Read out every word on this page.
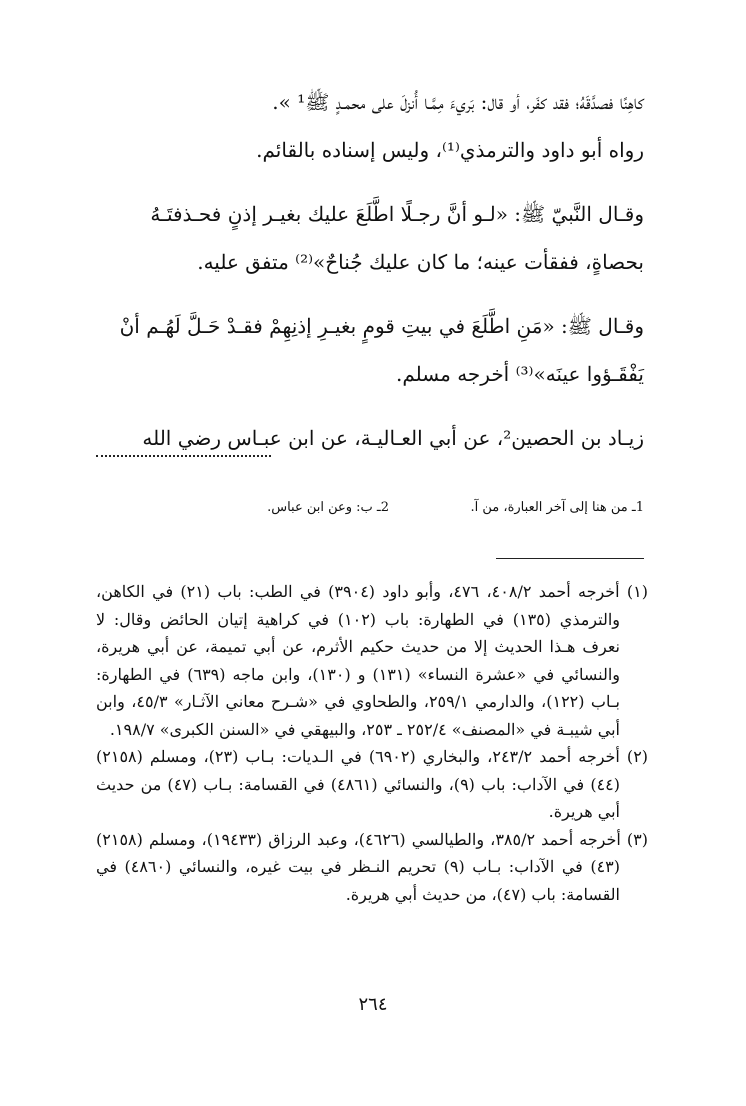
كاهِنًا فصدَّقَهُ؛ فقد كفَر، أو قال: بَريءَ مِمَّـا أُنزلَ على محمـدٍ ﷺ¹ ».

رواه أبو داود والترمذي⁽¹⁾، وليس إسناده بالقائم.

وقـال النَّبيّ ﷺ: «لـو أنَّ رجـلًا اطَّلَعَ عليك بغيـر إذنٍ فحـذفتَـهُ

بحصاةٍ، ففقأت عينه؛ ما كان عليك جُناحٌ»⁽²⁾ متفق عليه.

وقـال ﷺ: «مَنِ اطَّلَعَ في بيتِ قومٍ بغيـرِ إذنِهِمْ فقـدْ حَـلَّ لَهُـم أنْ

يَفْقَـؤوا عينَه»⁽³⁾ أخرجه مسلم.

زيـاد بن الحصين²، عن أبي العـاليـة، عن ابن عبـاس رضي الله

1ـ من هنا إلى آخر العبارة، من آ.
2ـ ب: وعن ابن عباس.

(١) أخرجه أحمد ٤٠٨/٢، ٤٧٦، وأبو داود (٣٩٠٤) في الطب: باب (٢١) في الكاهن، والترمذي (١٣٥) في الطهارة: باب (١٠٢) في كراهية إتيان الحائض وقال: لا نعرف هـذا الحديث إلا من حديث حكيم الأثرم، عن أبي تميمة، عن أبي هريرة، والنسائي في «عشرة النساء» (١٣١) و (١٣٠)، وابن ماجه (٦٣٩) في الطهارة: بـاب (١٢٢)، والدارمي ٢٥٩/١، والطحاوي في «شـرح معاني الآثـار» ٤٥/٣، وابن أبي شيبـة في «المصنف» ٢٥٢/٤ ـ ٢٥٣، والبيهقي في «السنن الكبرى» ١٩٨/٧.

(٢) أخرجه أحمد ٢٤٣/٢، والبخاري (٦٩٠٢) في الـديات: بـاب (٢٣)، ومسلم (٢١٥٨) (٤٤) في الآداب: باب (٩)، والنسائي (٤٨٦١) في القسامة: بـاب (٤٧) من حديث أبي هريرة.

(٣) أخرجه أحمد ٣٨٥/٢، والطيالسي (٤٦٢٦)، وعبد الرزاق (١٩٤٣٣)، ومسلم (٢١٥٨) (٤٣) في الآداب: بـاب (٩) تحريم النـظر في بيت غيره، والنسائي (٤٨٦٠) في القسامة: باب (٤٧)، من حديث أبي هريرة.

٢٦٤
